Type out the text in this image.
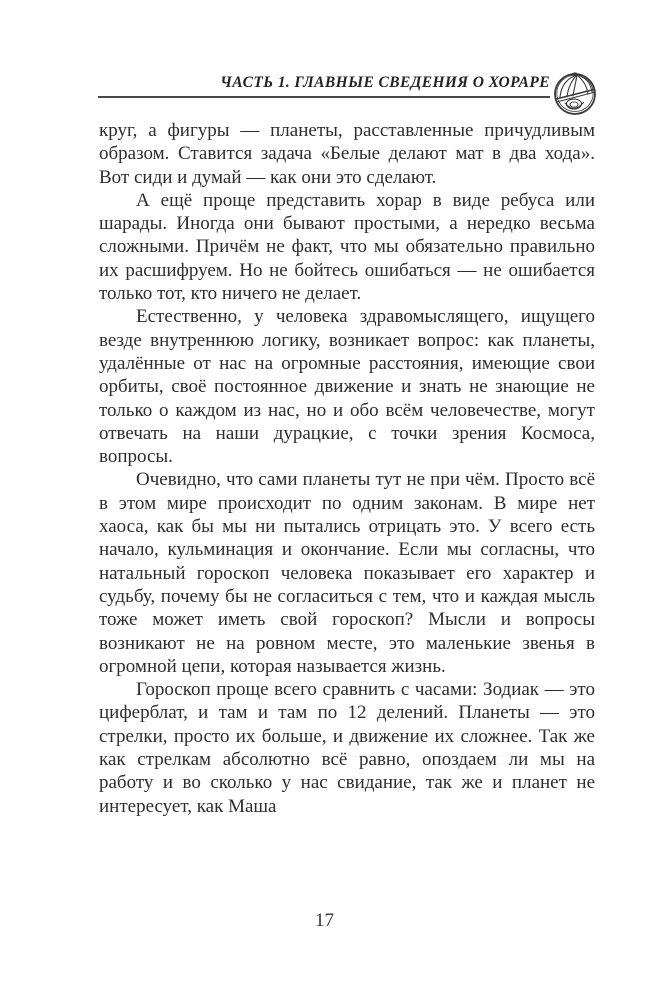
ЧАСТЬ 1. ГЛАВНЫЕ СВЕДЕНИЯ О ХОРАРЕ

круг, а фигуры — планеты, расставленные причудливым образом. Ставится задача «Белые делают мат в два хода». Вот сиди и думай — как они это сделают.

А ещё проще представить хорар в виде ребуса или шарады. Иногда они бывают простыми, а нередко весьма сложными. Причём не факт, что мы обязательно правильно их расшифруем. Но не бойтесь ошибаться — не ошибается только тот, кто ничего не делает.

Естественно, у человека здравомыслящего, ищущего везде внутреннюю логику, возникает вопрос: как планеты, удалённые от нас на огромные расстояния, имеющие свои орбиты, своё постоянное движение и знать не знающие не только о каждом из нас, но и обо всём человечестве, могут отвечать на наши дурацкие, с точки зрения Космоса, вопросы.

Очевидно, что сами планеты тут не при чём. Просто всё в этом мире происходит по одним законам. В мире нет хаоса, как бы мы ни пытались отрицать это. У всего есть начало, кульминация и окончание. Если мы согласны, что натальный гороскоп человека показывает его характер и судьбу, почему бы не согласиться с тем, что и каждая мысль тоже может иметь свой гороскоп? Мысли и вопросы возникают не на ровном месте, это маленькие звенья в огромной цепи, которая называется жизнь.

Гороскоп проще всего сравнить с часами: Зодиак — это циферблат, и там и там по 12 делений. Планеты — это стрелки, просто их больше, и движение их сложнее. Так же как стрелкам абсолютно всё равно, опоздаем ли мы на работу и во сколько у нас свидание, так же и планет не интересует, как Маша

17
